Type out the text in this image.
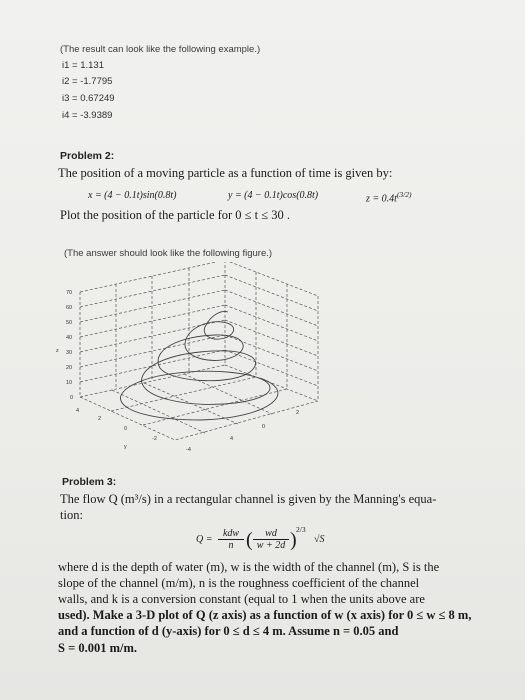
(The result can look like the following example.)
i1 = 1.131
i2 = -1.7795
i3 = 0.67249
i4 = -3.9389
Problem 2:
The position of a moving particle as a function of time is given by:
x = (4 − 0.1t)sin(0.8t)	y = (4 − 0.1t)cos(0.8t)	$z = 0.4t^{(3/2)}$
Plot the position of the particle for 0 ≤ t ≤ 30 .
(The answer should look like the following figure.)
70
60
50
40
30
20
10
0
z
4
2
0
-2
-4
y
4
2
0
Problem 3:
The flow Q (m³/s) in a rectangular channel is given by the Manning's equa-
tion:
Q =
kdw
n ( $\frac{wd}{w + 2d}$ ) 2/3
√S
where d is the depth of water (m), w is the width of the channel (m), S is the
slope of the channel (m/m), n is the roughness coefficient of the channel
walls, and k is a conversion constant (equal to 1 when the units above are
used). Make a 3-D plot of Q (z axis) as a function of w (x axis) for 0 ≤ w ≤ 8 m,
and a function of d (y-axis) for 0 ≤ d ≤ 4 m. Assume n = 0.05 and
S = 0.001 m/m.
